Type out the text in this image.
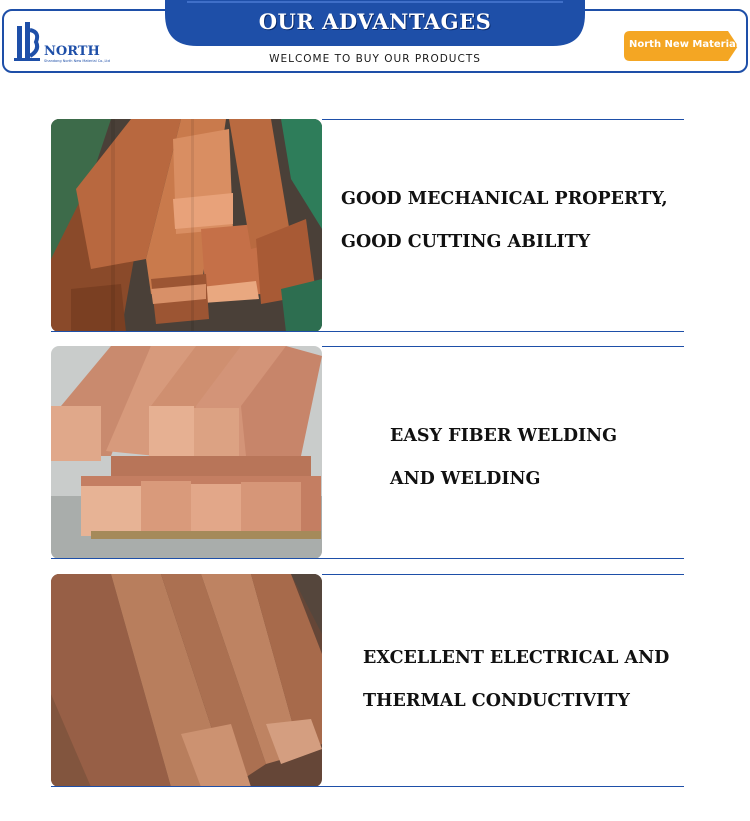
OUR ADVANTAGES
WELCOME TO BUY OUR PRODUCTS
NORTH
Shandong North New Material Co.,Ltd
North New Material
GOOD MECHANICAL PROPERTY,
GOOD CUTTING ABILITY
EASY FIBER WELDING
AND WELDING
EXCELLENT ELECTRICAL AND
THERMAL CONDUCTIVITY
